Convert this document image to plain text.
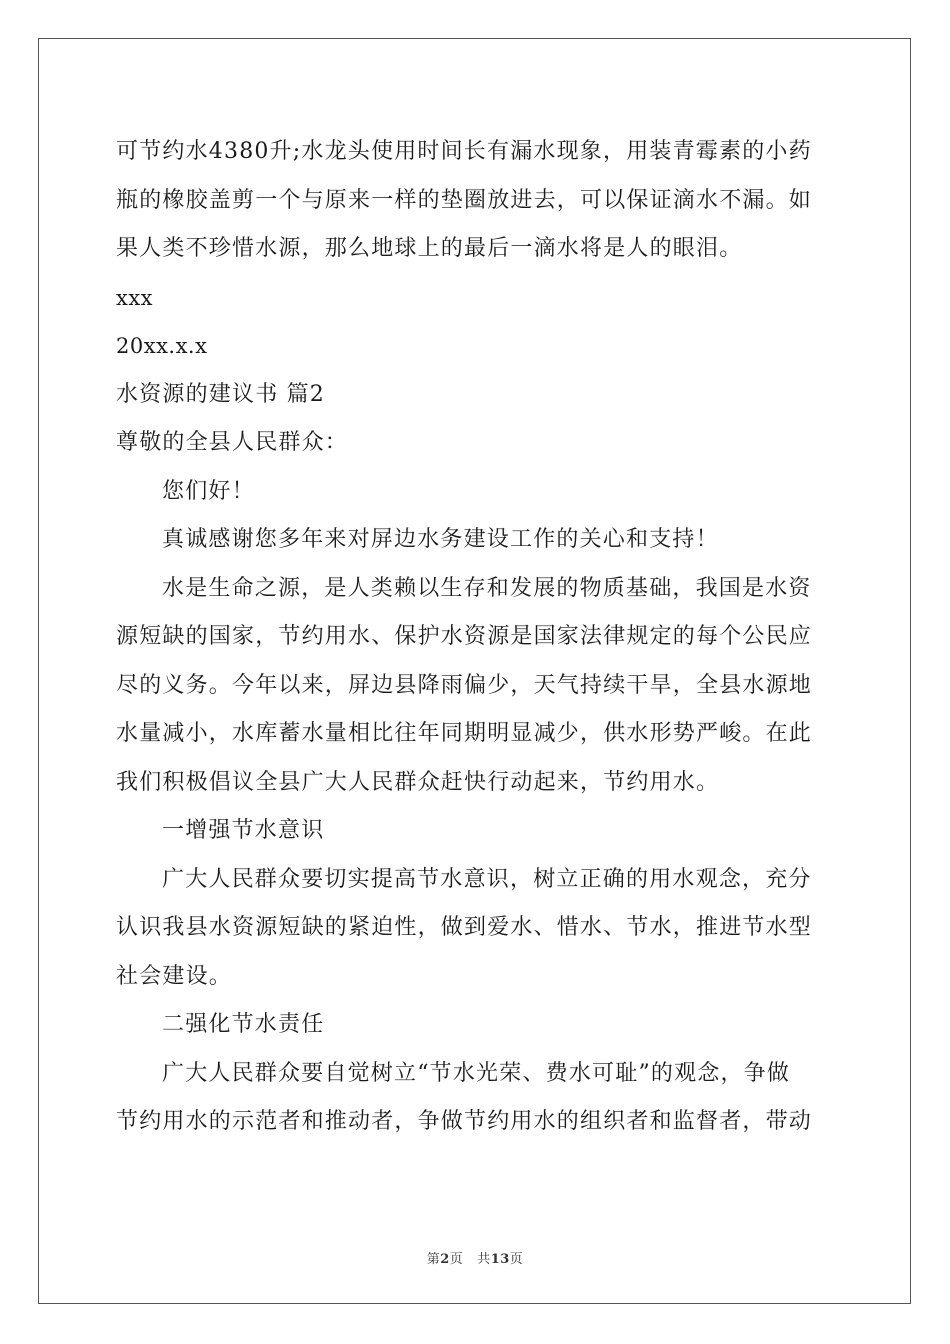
可节约水4380升;水龙头使用时间长有漏水现象，用装青霉素的小药

瓶的橡胶盖剪一个与原来一样的垫圈放进去，可以保证滴水不漏。如

果人类不珍惜水源，那么地球上的最后一滴水将是人的眼泪。

xxx

20xx.x.x

水资源的建议书 篇2

尊敬的全县人民群众：

您们好！

真诚感谢您多年来对屏边水务建设工作的关心和支持！

水是生命之源，是人类赖以生存和发展的物质基础，我国是水资

源短缺的国家，节约用水、保护水资源是国家法律规定的每个公民应

尽的义务。今年以来，屏边县降雨偏少，天气持续干旱，全县水源地

水量减小，水库蓄水量相比往年同期明显减少，供水形势严峻。在此

我们积极倡议全县广大人民群众赶快行动起来，节约用水。

一增强节水意识

广大人民群众要切实提高节水意识，树立正确的用水观念，充分

认识我县水资源短缺的紧迫性，做到爱水、惜水、节水，推进节水型

社会建设。

二强化节水责任

广大人民群众要自觉树立“节水光荣、费水可耻”的观念，争做

节约用水的示范者和推动者，争做节约用水的组织者和监督者，带动

第2页 共13页
